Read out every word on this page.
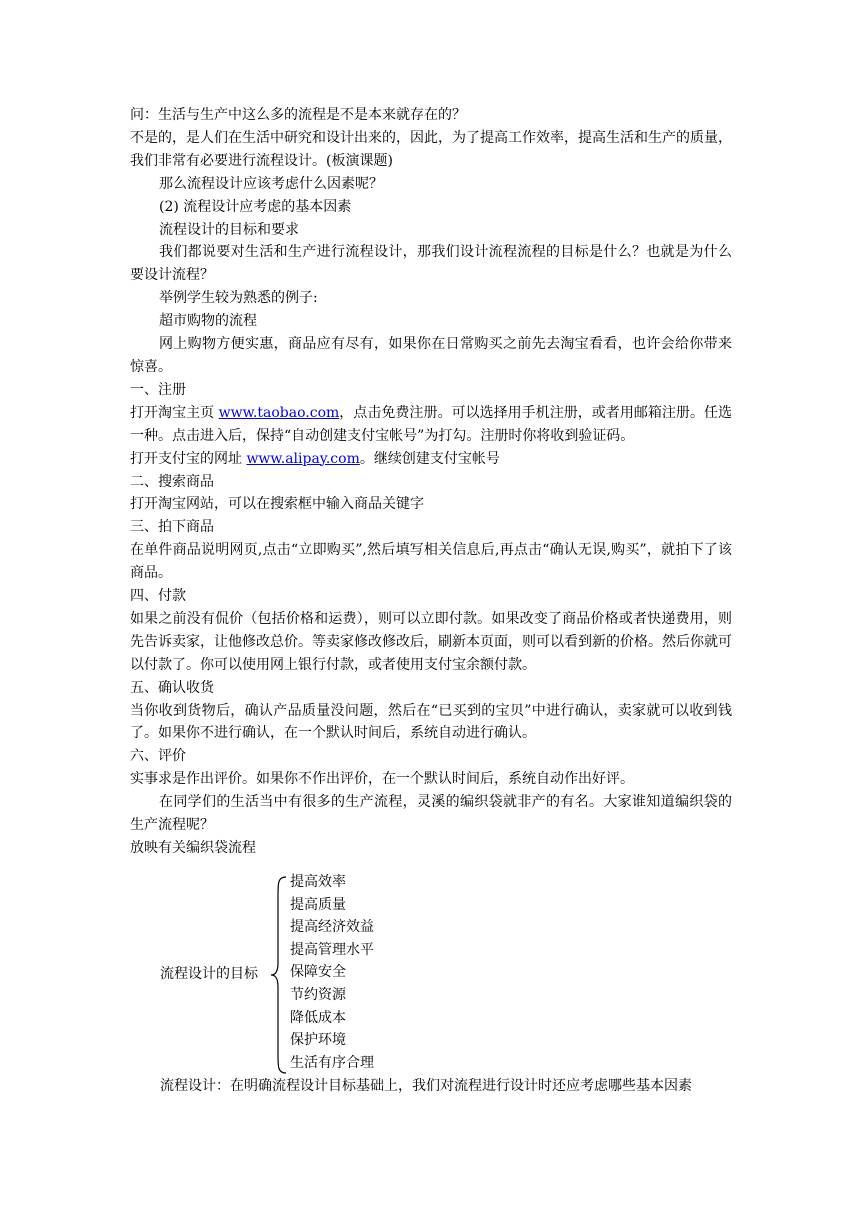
问：生活与生产中这么多的流程是不是本来就存在的？

不是的，是人们在生活中研究和设计出来的，因此，为了提高工作效率，提高生活和生产的质量，我们非常有必要进行流程设计。(板演课题)

那么流程设计应该考虑什么因素呢？

(2) 流程设计应考虑的基本因素

流程设计的目标和要求

我们都说要对生活和生产进行流程设计，那我们设计流程流程的目标是什么？也就是为什么要设计流程？

举例学生较为熟悉的例子:

超市购物的流程

网上购物方便实惠，商品应有尽有，如果你在日常购买之前先去淘宝看看，也许会给你带来惊喜。

一、注册

打开淘宝主页 www.taobao.com，点击免费注册。可以选择用手机注册，或者用邮箱注册。任选一种。点击进入后，保持“自动创建支付宝帐号”为打勾。注册时你将收到验证码。

打开支付宝的网址 www.alipay.com。继续创建支付宝帐号

二、搜索商品

打开淘宝网站，可以在搜索框中输入商品关键字

三、拍下商品

在单件商品说明网页,点击“立即购买”,然后填写相关信息后,再点击“确认无误,购买”，就拍下了该商品。

四、付款

如果之前没有侃价（包括价格和运费），则可以立即付款。如果改变了商品价格或者快递费用，则先告诉卖家，让他修改总价。等卖家修改修改后，刷新本页面，则可以看到新的价格。然后你就可以付款了。你可以使用网上银行付款，或者使用支付宝余额付款。

五、确认收货

当你收到货物后，确认产品质量没问题，然后在“已买到的宝贝”中进行确认，卖家就可以收到钱了。如果你不进行确认，在一个默认时间后，系统自动进行确认。

六、评价

实事求是作出评价。如果你不作出评价，在一个默认时间后，系统自动作出好评。

在同学们的生活当中有很多的生产流程，灵溪的编织袋就非产的有名。大家谁知道编织袋的生产流程呢？

放映有关编织袋流程

流程设计的目标
提高效率
提高质量
提高经济效益
提高管理水平
保障安全
节约资源
降低成本
保护环境
生活有序合理
流程设计：在明确流程设计目标基础上，我们对流程进行设计时还应考虑哪些基本因素
